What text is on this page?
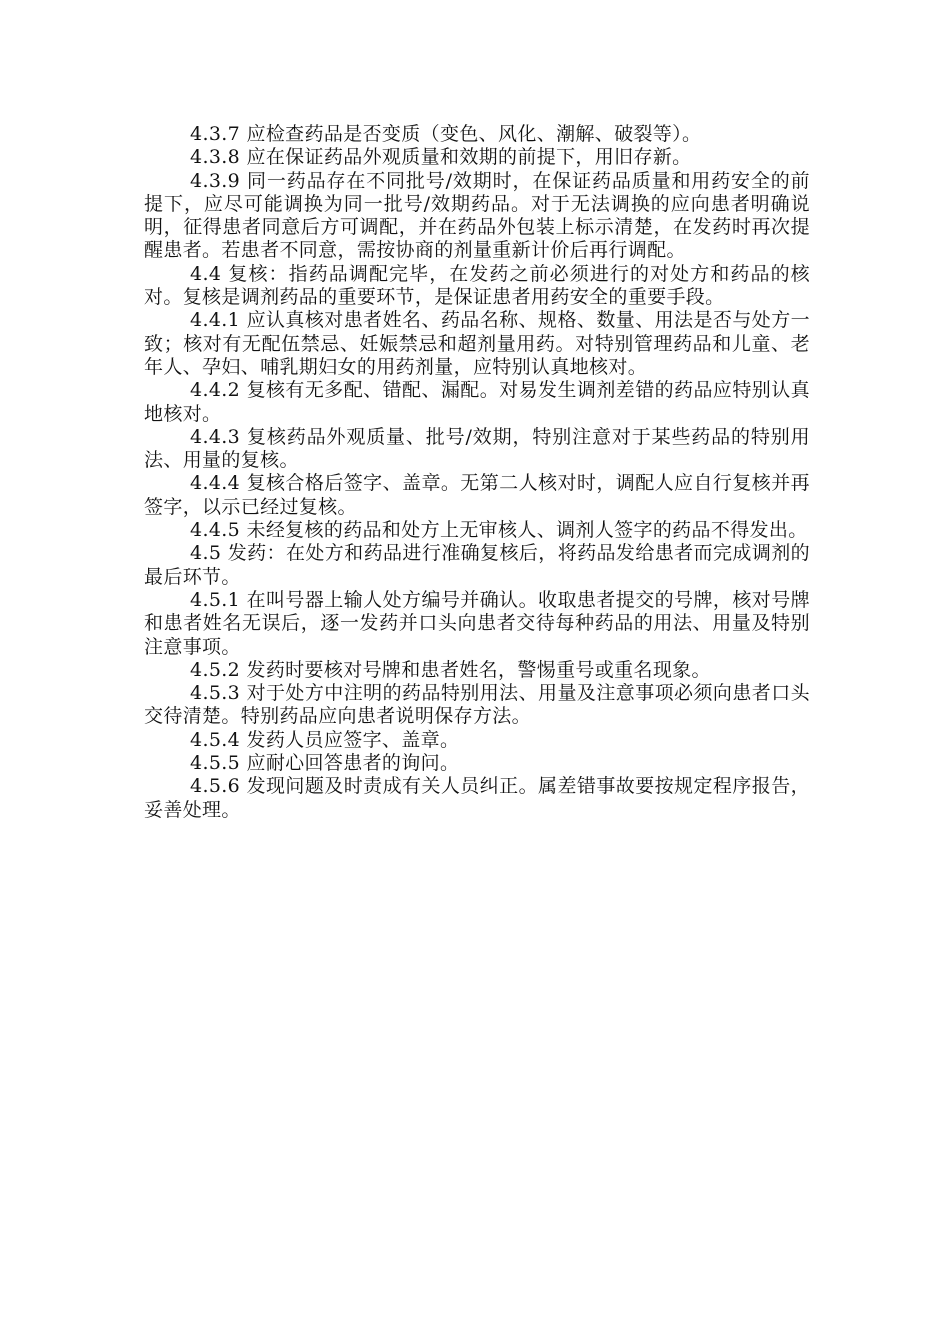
4.3.7 应检查药品是否变质（变色、风化、潮解、破裂等）。

4.3.8 应在保证药品外观质量和效期的前提下，用旧存新。

4.3.9 同一药品存在不同批号/效期时，在保证药品质量和用药安全的前提下，应尽可能调换为同一批号/效期药品。对于无法调换的应向患者明确说明，征得患者同意后方可调配，并在药品外包装上标示清楚，在发药时再次提醒患者。若患者不同意，需按协商的剂量重新计价后再行调配。

4.4 复核：指药品调配完毕，在发药之前必须进行的对处方和药品的核对。复核是调剂药品的重要环节，是保证患者用药安全的重要手段。

4.4.1 应认真核对患者姓名、药品名称、规格、数量、用法是否与处方一致；核对有无配伍禁忌、妊娠禁忌和超剂量用药。对特别管理药品和儿童、老年人、孕妇、哺乳期妇女的用药剂量，应特别认真地核对。

4.4.2 复核有无多配、错配、漏配。对易发生调剂差错的药品应特别认真地核对。

4.4.3 复核药品外观质量、批号/效期，特别注意对于某些药品的特别用法、用量的复核。

4.4.4 复核合格后签字、盖章。无第二人核对时，调配人应自行复核并再签字，以示已经过复核。

4.4.5 未经复核的药品和处方上无审核人、调剂人签字的药品不得发出。

4.5 发药：在处方和药品进行准确复核后，将药品发给患者而完成调剂的最后环节。

4.5.1 在叫号器上输人处方编号并确认。收取患者提交的号牌，核对号牌和患者姓名无误后，逐一发药并口头向患者交待每种药品的用法、用量及特别注意事项。

4.5.2 发药时要核对号牌和患者姓名，警惕重号或重名现象。

4.5.3 对于处方中注明的药品特别用法、用量及注意事项必须向患者口头交待清楚。特别药品应向患者说明保存方法。

4.5.4 发药人员应签字、盖章。

4.5.5 应耐心回答患者的询问。

4.5.6 发现问题及时责成有关人员纠正。属差错事故要按规定程序报告，妥善处理。
